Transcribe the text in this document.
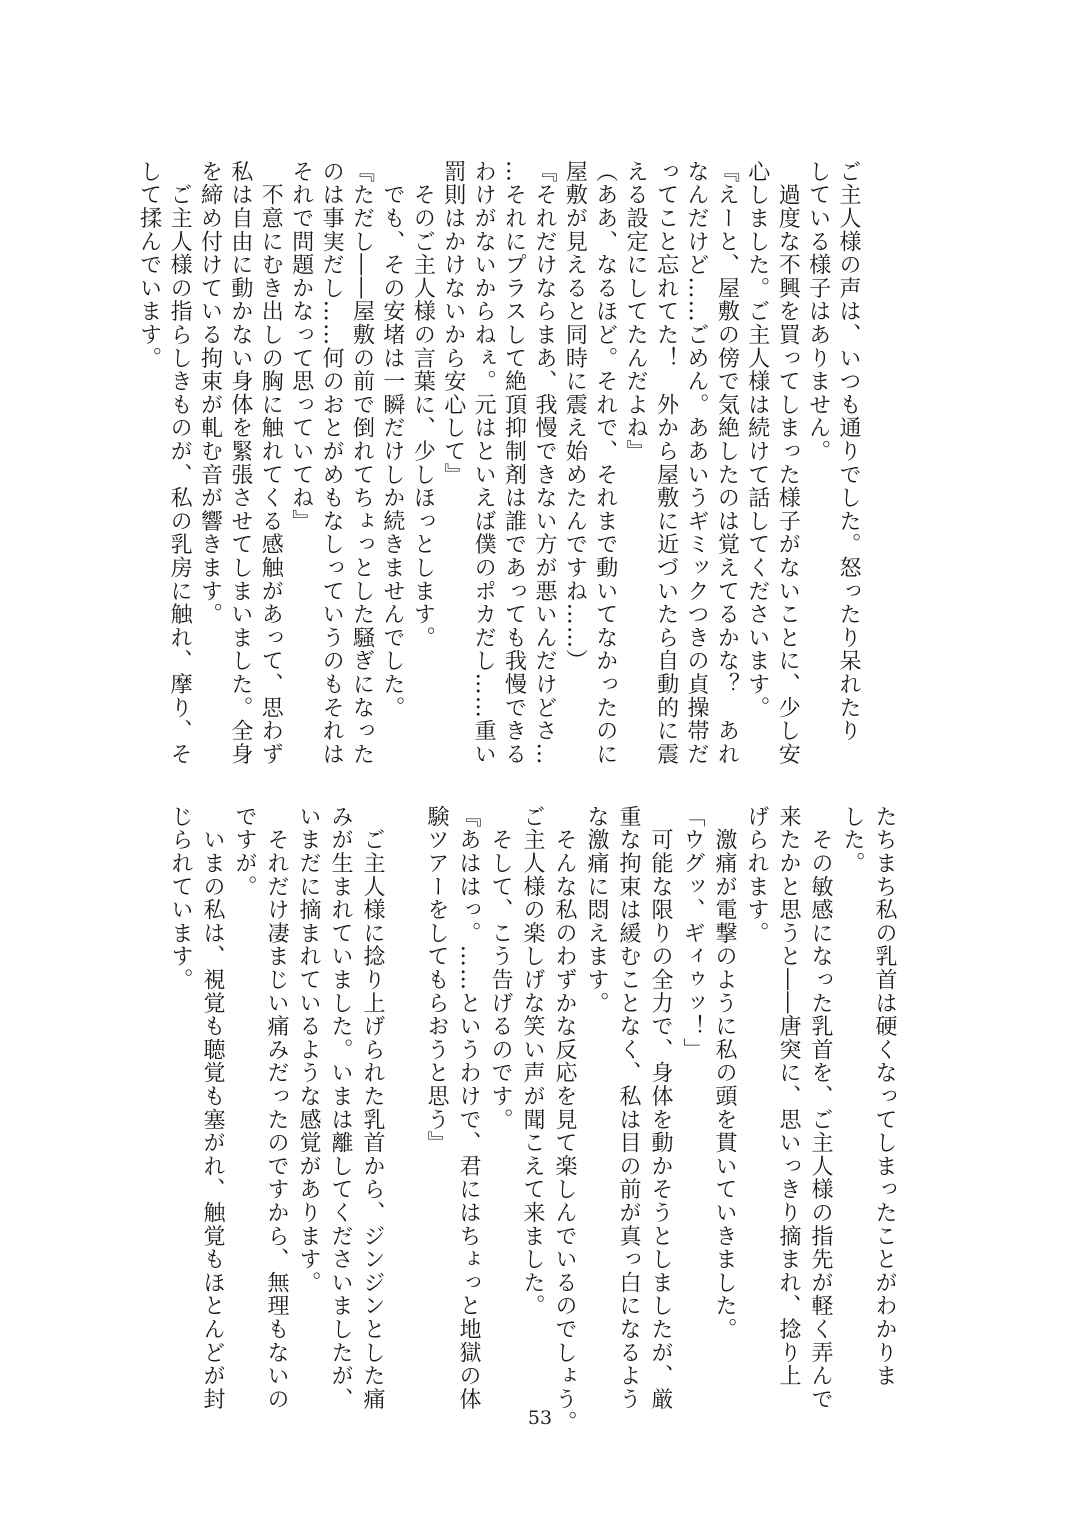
ご主人様の声は、いつも通りでした。怒ったり呆れたり
している様子はありません。
　過度な不興を買ってしまった様子がないことに、少し安
心しました。ご主人様は続けて話してくださいます。
『えーと、屋敷の傍で気絶したのは覚えてるかな？　あれ
なんだけど……ごめん。ああいうギミックつきの貞操帯だ
ってこと忘れてた！　外から屋敷に近づいたら自動的に震
える設定にしてたんだよね』
（ああ、なるほど。それで、それまで動いてなかったのに
屋敷が見えると同時に震え始めたんですね……）
『それだけならまあ、我慢できない方が悪いんだけどさ…
…それにプラスして絶頂抑制剤は誰であっても我慢できる
わけがないからねぇ。元はといえば僕のポカだし……重い
罰則はかけないから安心して』
　そのご主人様の言葉に、少しほっとします。
　でも、その安堵は一瞬だけしか続きませんでした。
『ただし――屋敷の前で倒れてちょっとした騒ぎになった
のは事実だし……何のおとがめもなしっていうのもそれは
それで問題かなって思っていてね』
　不意にむき出しの胸に触れてくる感触があって、思わず
私は自由に動かない身体を緊張させてしまいました。全身
を締め付けている拘束が軋む音が響きます。
　ご主人様の指らしきものが、私の乳房に触れ、摩り、そ
して揉んでいます。
たちまち私の乳首は硬くなってしまったことがわかりま
した。
　その敏感になった乳首を、ご主人様の指先が軽く弄んで
来たかと思うと――唐突に、思いっきり摘まれ、捻り上
げられます。
　激痛が電撃のように私の頭を貫いていきました。
「ウグッ、ギィゥッ！」
　可能な限りの全力で、身体を動かそうとしましたが、厳
重な拘束は緩むことなく、私は目の前が真っ白になるよう
な激痛に悶えます。
　そんな私のわずかな反応を見て楽しんでいるのでしょう。
ご主人様の楽しげな笑い声が聞こえて来ました。
　そして、こう告げるのです。
『あははっ。……というわけで、君にはちょっと地獄の体
験ツアーをしてもらおうと思う』
　ご主人様に捻り上げられた乳首から、ジンジンとした痛
みが生まれていました。いまは離してくださいましたが、
いまだに摘まれているような感覚があります。
　それだけ凄まじい痛みだったのですから、無理もないの
ですが。
　いまの私は、視覚も聴覚も塞がれ、触覚もほとんどが封
じられています。
53
